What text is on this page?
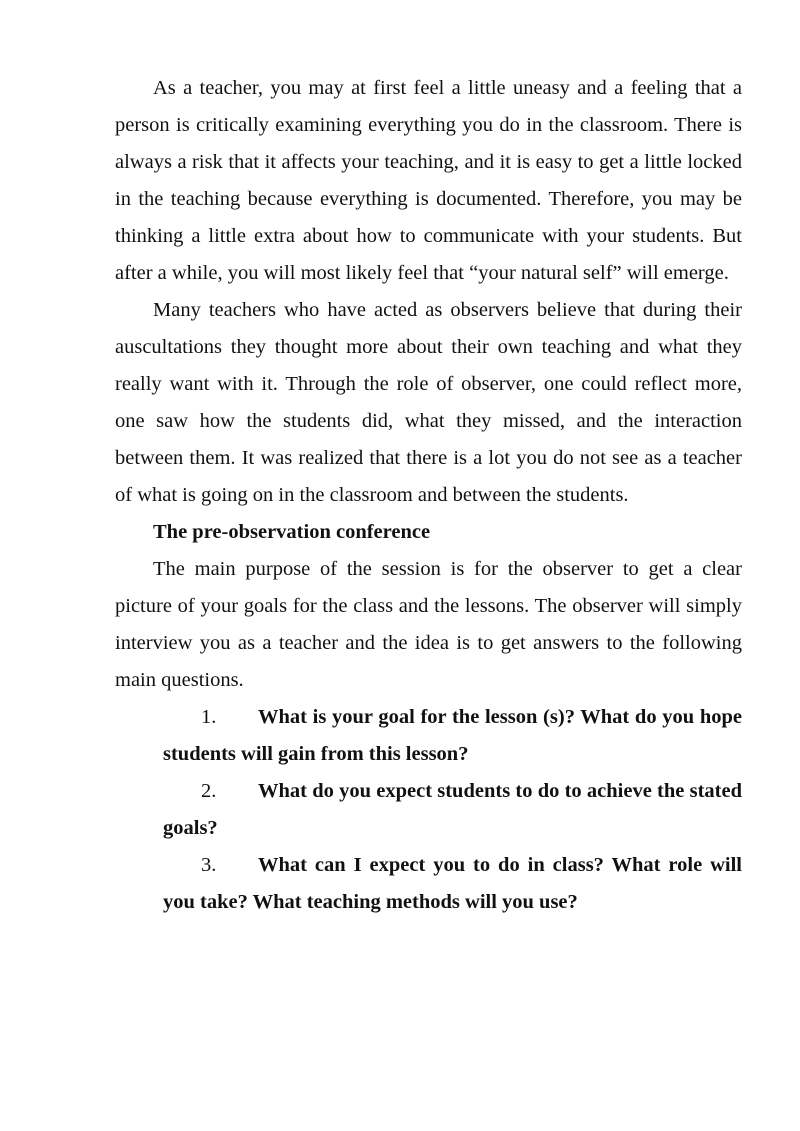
As a teacher, you may at first feel a little uneasy and a feeling that a person is critically examining everything you do in the classroom. There is always a risk that it affects your teaching, and it is easy to get a little locked in the teaching because everything is documented. Therefore, you may be thinking a little extra about how to communicate with your students. But after a while, you will most likely feel that “your natural self” will emerge.

Many teachers who have acted as observers believe that during their auscultations they thought more about their own teaching and what they really want with it. Through the role of observer, one could reflect more, one saw how the students did, what they missed, and the interaction between them. It was realized that there is a lot you do not see as a teacher of what is going on in the classroom and between the students.

The pre-observation conference

The main purpose of the session is for the observer to get a clear picture of your goals for the class and the lessons. The observer will simply interview you as a teacher and the idea is to get answers to the following main questions.

1. What is your goal for the lesson (s)? What do you hope students will gain from this lesson?
2. What do you expect students to do to achieve the stated goals?
3. What can I expect you to do in class? What role will you take? What teaching methods will you use?
